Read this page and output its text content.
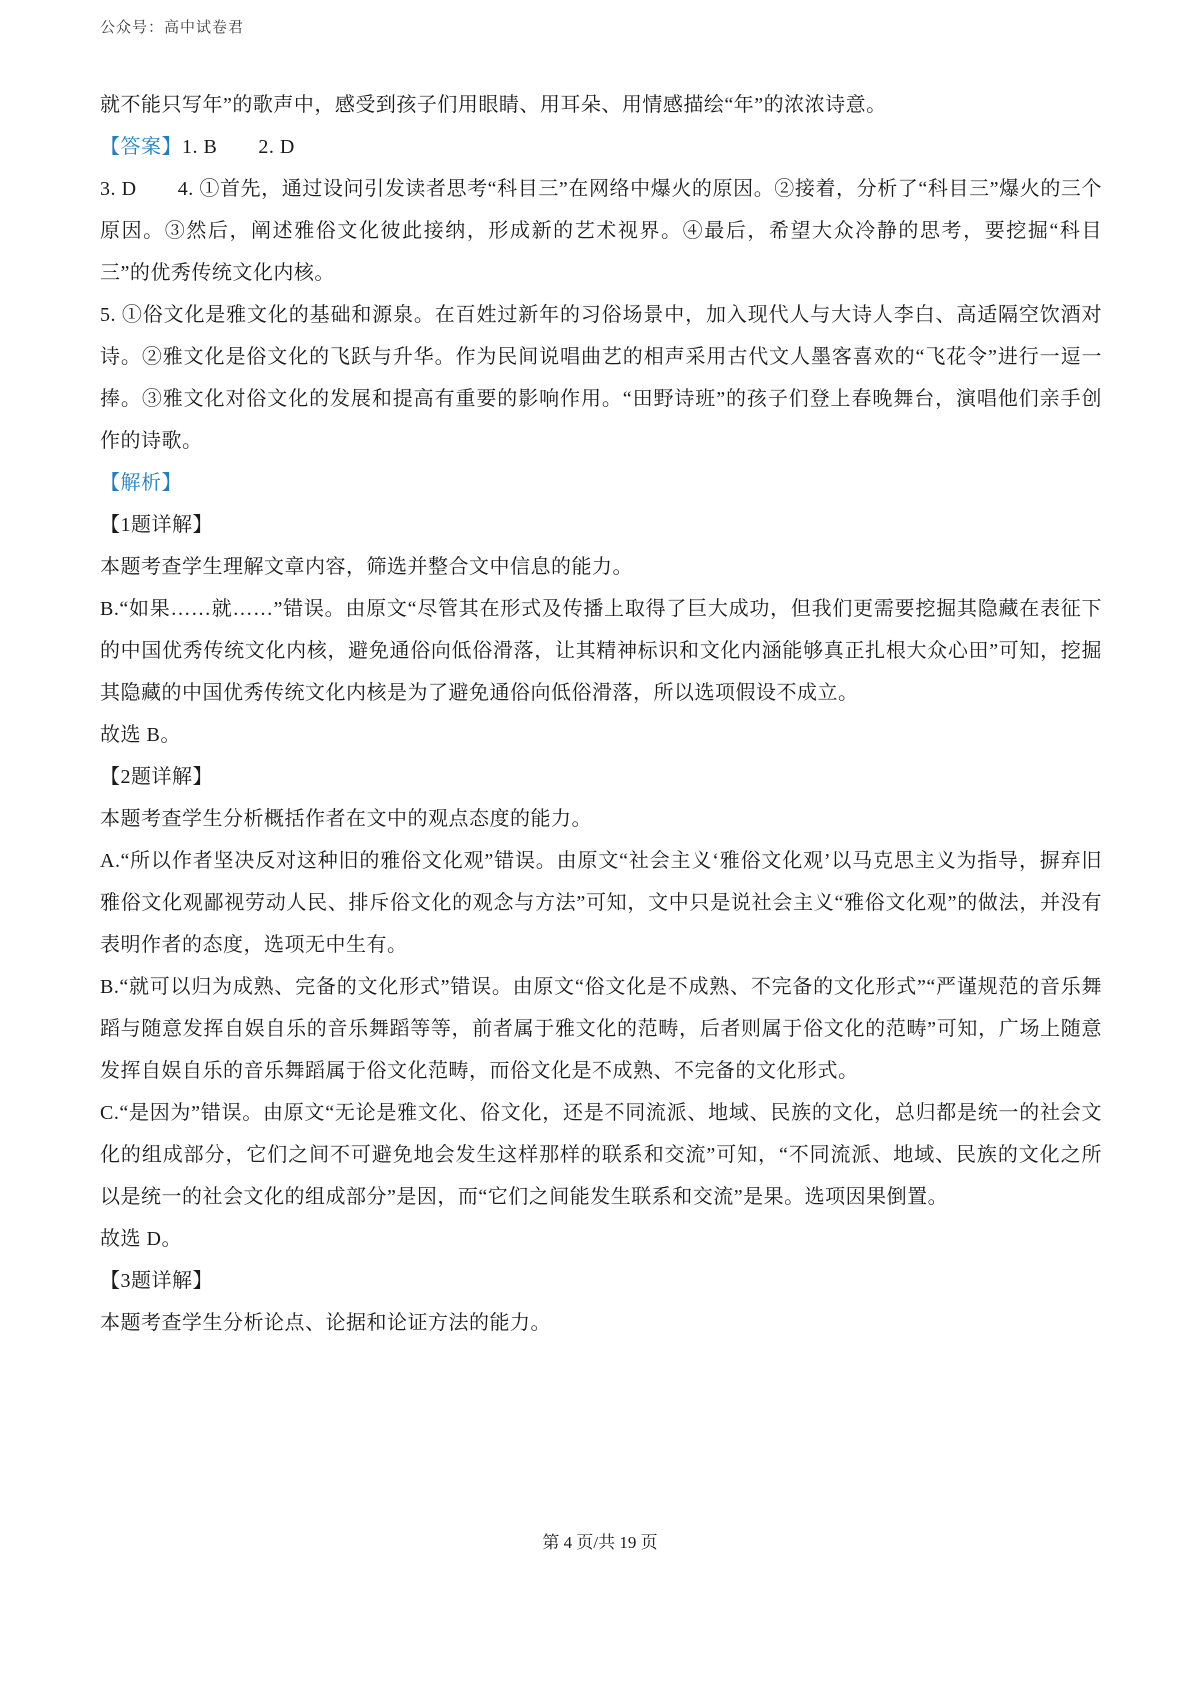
公众号：高中试卷君

就不能只写年”的歌声中，感受到孩子们用眼睛、用耳朵、用情感描绘“年”的浓浓诗意。

【答案】1. B　　2. D

3. D　　4. ①首先，通过设问引发读者思考“科目三”在网络中爆火的原因。②接着，分析了“科目三”爆火的三个原因。③然后，阐述雅俗文化彼此接纳，形成新的艺术视界。④最后，希望大众冷静的思考，要挖掘“科目三”的优秀传统文化内核。

5. ①俗文化是雅文化的基础和源泉。在百姓过新年的习俗场景中，加入现代人与大诗人李白、高适隔空饮酒对诗。②雅文化是俗文化的飞跃与升华。作为民间说唱曲艺的相声采用古代文人墨客喜欢的“飞花令”进行一逗一捧。③雅文化对俗文化的发展和提高有重要的影响作用。“田野诗班”的孩子们登上春晚舞台，演唱他们亲手创作的诗歌。

【解析】

【1题详解】

本题考查学生理解文章内容，筛选并整合文中信息的能力。

B.“如果……就……”错误。由原文“尽管其在形式及传播上取得了巨大成功，但我们更需要挖掘其隐藏在表征下的中国优秀传统文化内核，避免通俗向低俗滑落，让其精神标识和文化内涵能够真正扎根大众心田”可知，挖掘其隐藏的中国优秀传统文化内核是为了避免通俗向低俗滑落，所以选项假设不成立。

故选 B。

【2题详解】

本题考查学生分析概括作者在文中的观点态度的能力。

A.“所以作者坚决反对这种旧的雅俗文化观”错误。由原文“社会主义‘雅俗文化观’以马克思主义为指导，摒弃旧雅俗文化观鄙视劳动人民、排斥俗文化的观念与方法”可知，文中只是说社会主义“雅俗文化观”的做法，并没有表明作者的态度，选项无中生有。

B.“就可以归为成熟、完备的文化形式”错误。由原文“俗文化是不成熟、不完备的文化形式”“严谨规范的音乐舞蹈与随意发挥自娱自乐的音乐舞蹈等等，前者属于雅文化的范畴，后者则属于俗文化的范畴”可知，广场上随意发挥自娱自乐的音乐舞蹈属于俗文化范畴，而俗文化是不成熟、不完备的文化形式。

C.“是因为”错误。由原文“无论是雅文化、俗文化，还是不同流派、地域、民族的文化，总归都是统一的社会文化的组成部分，它们之间不可避免地会发生这样那样的联系和交流”可知，“不同流派、地域、民族的文化之所以是统一的社会文化的组成部分”是因，而“它们之间能发生联系和交流”是果。选项因果倒置。

故选 D。

【3题详解】

本题考查学生分析论点、论据和论证方法的能力。

第 4 页/共 19 页
